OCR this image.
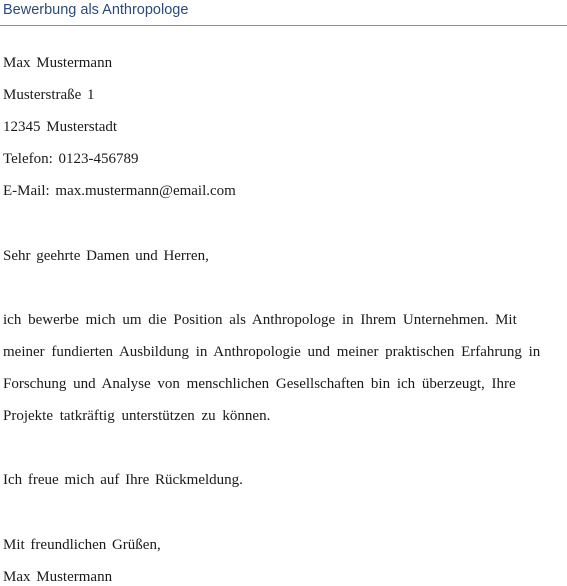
Bewerbung als Anthropologe
Max Mustermann
Musterstraße 1
12345 Musterstadt
Telefon: 0123-456789
E-Mail: max.mustermann@email.com
Sehr geehrte Damen und Herren,
ich bewerbe mich um die Position als Anthropologe in Ihrem Unternehmen. Mit
meiner fundierten Ausbildung in Anthropologie und meiner praktischen Erfahrung in
Forschung und Analyse von menschlichen Gesellschaften bin ich überzeugt, Ihre
Projekte tatkräftig unterstützen zu können.
Ich freue mich auf Ihre Rückmeldung.
Mit freundlichen Grüßen,
Max Mustermann
